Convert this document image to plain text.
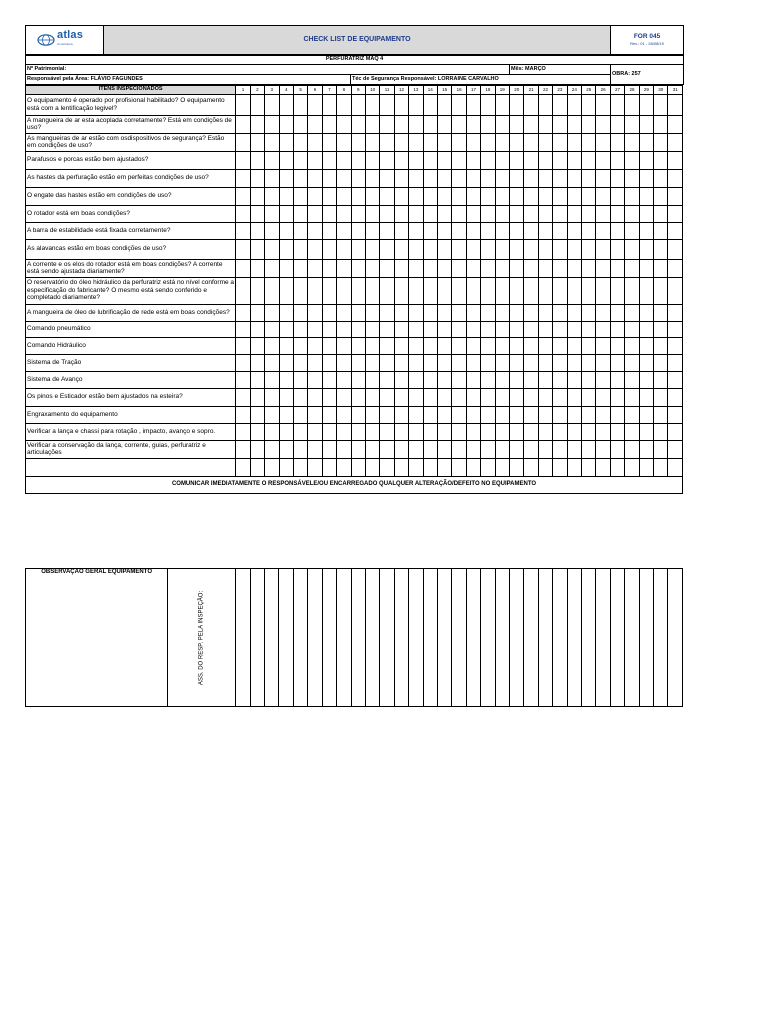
atlas
Construtora
	CHECK LIST DE EQUIPAMENTO	
FOR 045
Rev.: 01 - 28/08/19
PERFURATRIZ MAQ 4			
Nº Patrimonial:		Mês: MARÇO	OBRA: 257
Responsável pela Área: FLÁVIO FAGUNDES	Téc de Segurança Responsável: LORRAINE CARVALHO		
ITENS INSPECIONADOS	1	2	3	4	5	6	7	8	9	10	11	12	13	14	15	16	17	18	19	20	21	22	23	24	25	26	27	28	29	30	31
O equipamento é operado por profisional habilitado? O equipamento está com a lentificação legivel?																															
A mangueira de ar esta acoplada corretamente? Está em condições de uso?																															
As mangueiras de ar estão com osdispositivos de segurança? Estão em condições de uso?																															
Parafusos e porcas estão bem ajustados?																															
As hastes da perfuração estão em perfeitas condições de uso?																															
O engate das hastes estão em condições de uso?																															
O rotador está em boas condições?																															
A barra de estabilidade está fixada corretamente?																															
As alavancas estão em boas condições de uso?																															
A corrente e os elos do rotador está em boas condições? A corrente está sendo ajustada diariamente?																															
O reservatório do óleo hidráulico da perfuratriz está no nível conforme a especificação do fabricante? O mesmo está sendo conferido e completado diariamente?																															
A mangueira de óleo de lubrificação de rede está em boas condições?																															
Comando pneumático																															
Comando Hidráulico																															
Sistema de Tração																															
Sistema de Avanço																															
Os pinos e Esticador estão bem ajustados na esteira?																															
Engraxamento do equipamento																															
Verificar a lança e chassi para rotação , impacto, avanço e sopro.																															
Verificar a conservação da lança, corrente, guias, perfuratriz e articulações																															

COMUNICAR IMEDIATAMENTE O RESPONSÁVELE/OU ENCARREGADO QUALQUER ALTERAÇÃO/DEFEITO NO EQUIPAMENTO																															
OBSERVAÇÃO GERAL EQUIPAMENTO	
ASS. DO RESP. PELA INSPEÇÃO:
